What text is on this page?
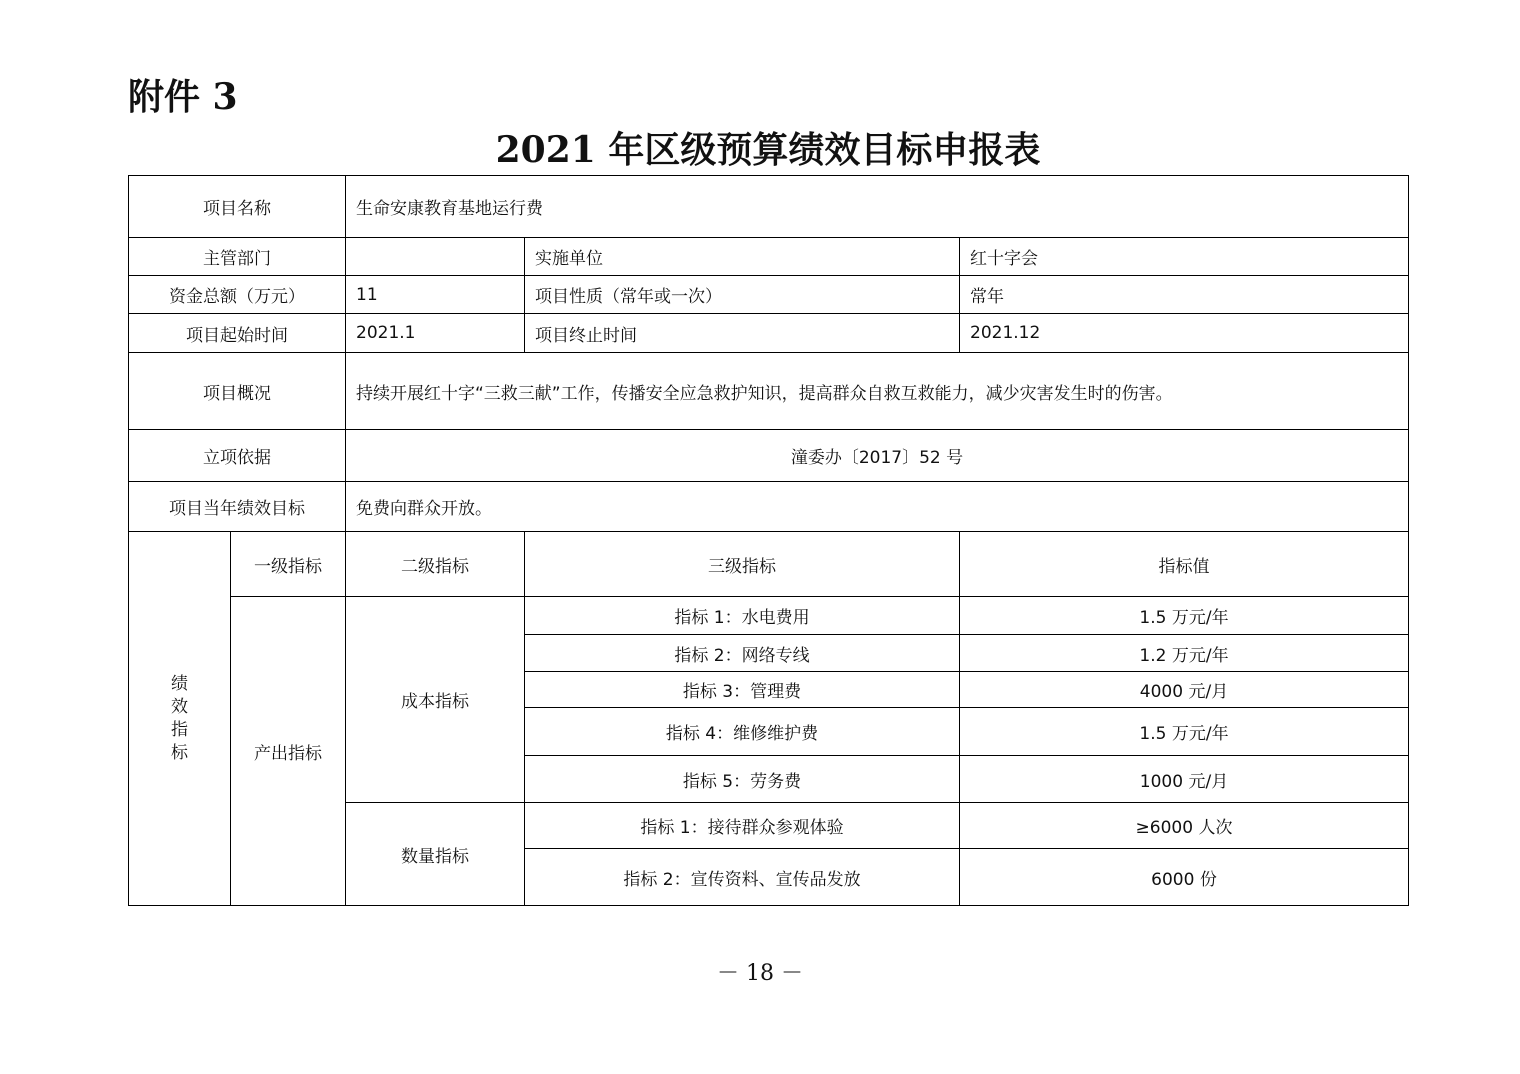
附件 3
2021 年区级预算绩效目标申报表
项目名称		生命安康教育基地运行费		
主管部门			实施单位	红十字会
资金总额（万元）		11	项目性质（常年或一次）	常年
项目起始时间		2021.1	项目终止时间	2021.12
项目概况		持续开展红十字“三救三献”工作，传播安全应急救护知识，提高群众自救互救能力，减少灾害发生时的伤害。		
立项依据		潼委办〔2017〕52 号		
项目当年绩效目标		免费向群众开放。		

绩
效
指
标	一级指标	二级指标	三级指标	指标值
	产出指标	成本指标	指标 1：水电费用	1.5 万元/年
			指标 2：网络专线	1.2 万元/年
			指标 3：管理费	4000 元/月
			指标 4：维修维护费	1.5 万元/年
			指标 5：劳务费	1000 元/月
		数量指标	指标 1：接待群众参观体验	≥6000 人次
			指标 2：宣传资料、宣传品发放	6000 份
－ 18 －
